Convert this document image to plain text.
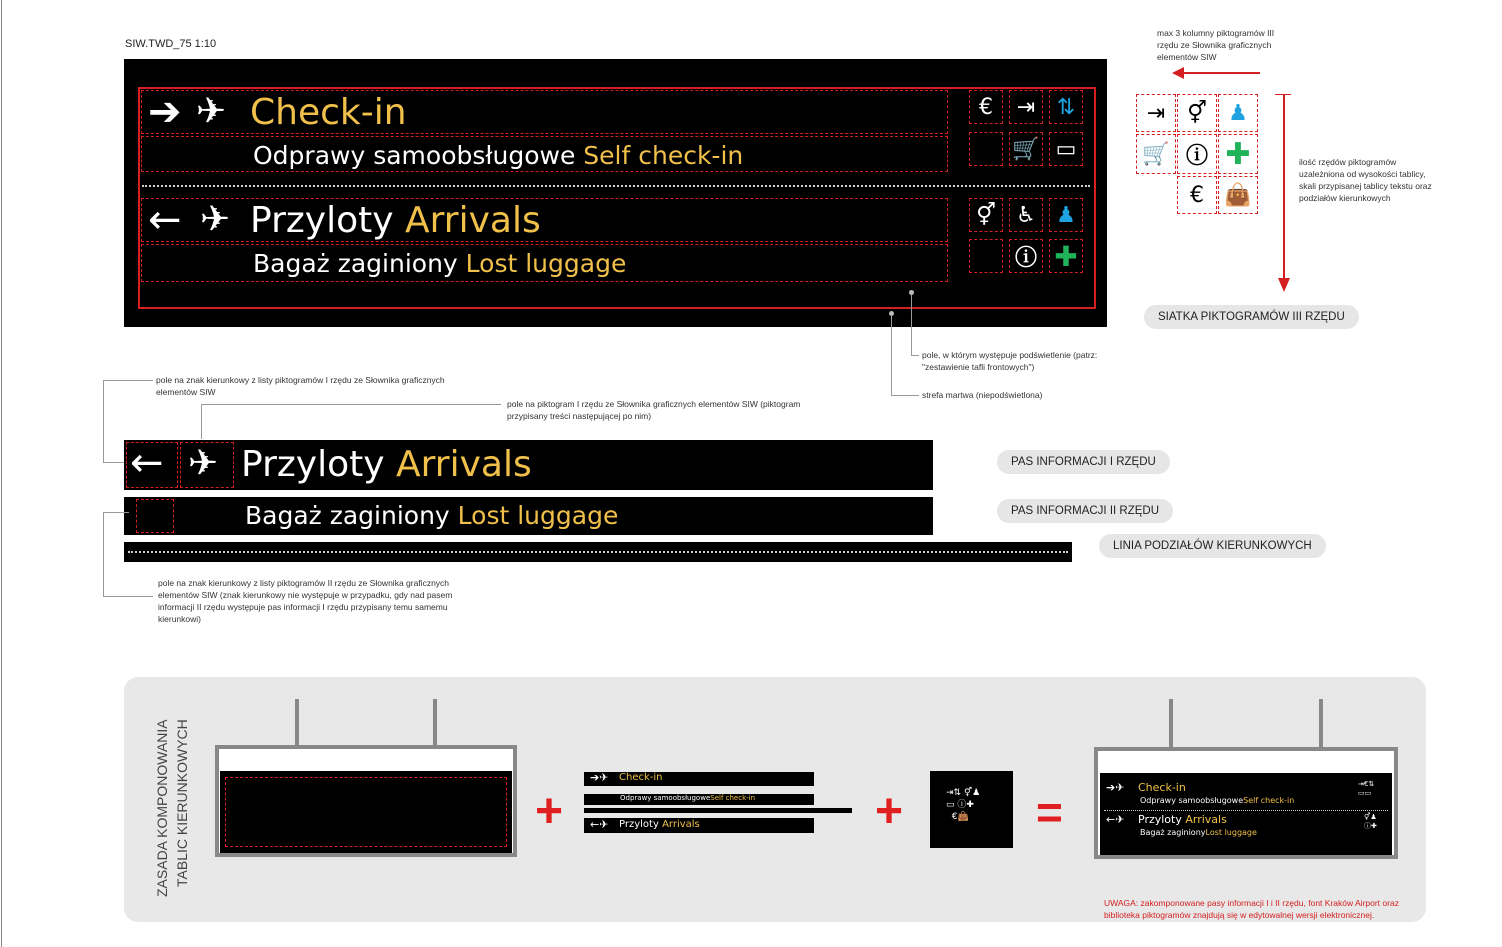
SIW.TWD_75 1:10
➔ ✈ Check-in
Odprawy samoobsługowe Self check-in
← ✈ Przyloty Arrivals
Bagaż zaginiony Lost luggage
€	⇥ ⇅
🛒 ▭
⚥ ♿ ♟
ⓘ ✚
pole, w którym występuje podświetlenie (patrz: "zestawienie tafli frontowych")
strefa martwa (niepodświetlona)
max 3 kolumny piktogramów III rzędu ze Słownika graficznych elementów SIW
⇥ ⚥ ♟
🛒 ⓘ ✚
€ 👜
ilość rzędów piktogramów uzależniona od wysokości tablicy, skali przypisanej tablicy tekstu oraz podziałów kierunkowych
SIATKA PIKTOGRAMÓW III RZĘDU
pole na znak kierunkowy z listy piktogramów I rzędu ze Słownika graficznych elementów SIW
pole na piktogram I rzędu ze Słownika graficznych elementów SIW (piktogram przypisany treści następującej po nim)
← ✈ Przyloty Arrivals
Bagaż zaginiony Lost luggage
pole na znak kierunkowy z listy piktogramów II rzędu ze Słownika graficznych elementów SIW (znak kierunkowy nie występuje w przypadku, gdy nad pasem informacji II rzędu występuje pas informacji I rzędu przypisany temu samemu kierunkowi)
PAS INFORMACJI I RZĘDU
PAS INFORMACJI II RZĘDU
LINIA PODZIAŁÓW KIERUNKOWYCH
ZASADA KOMPONOWANIA TABLIC KIERUNKOWYCH	+
➔✈ Check-in
Odprawy samoobsługoweSelf check-in
←✈ Przyloty Arrivals	+	⇥⇅ ⚥♟
▭ ⓘ✚
€👜 =	➔✈ Check-in
Odprawy samoobsługoweSelf check-in
←✈ Przyloty Arrivals
Bagaż zaginionyLost luggage
⇥€⇅
▭▭
⚥♟
ⓘ✚
UWAGA: zakomponowane pasy informacji I i II rzędu, font Kraków Airport oraz biblioteka piktogramów znajdują się w edytowalnej wersji elektronicznej.
